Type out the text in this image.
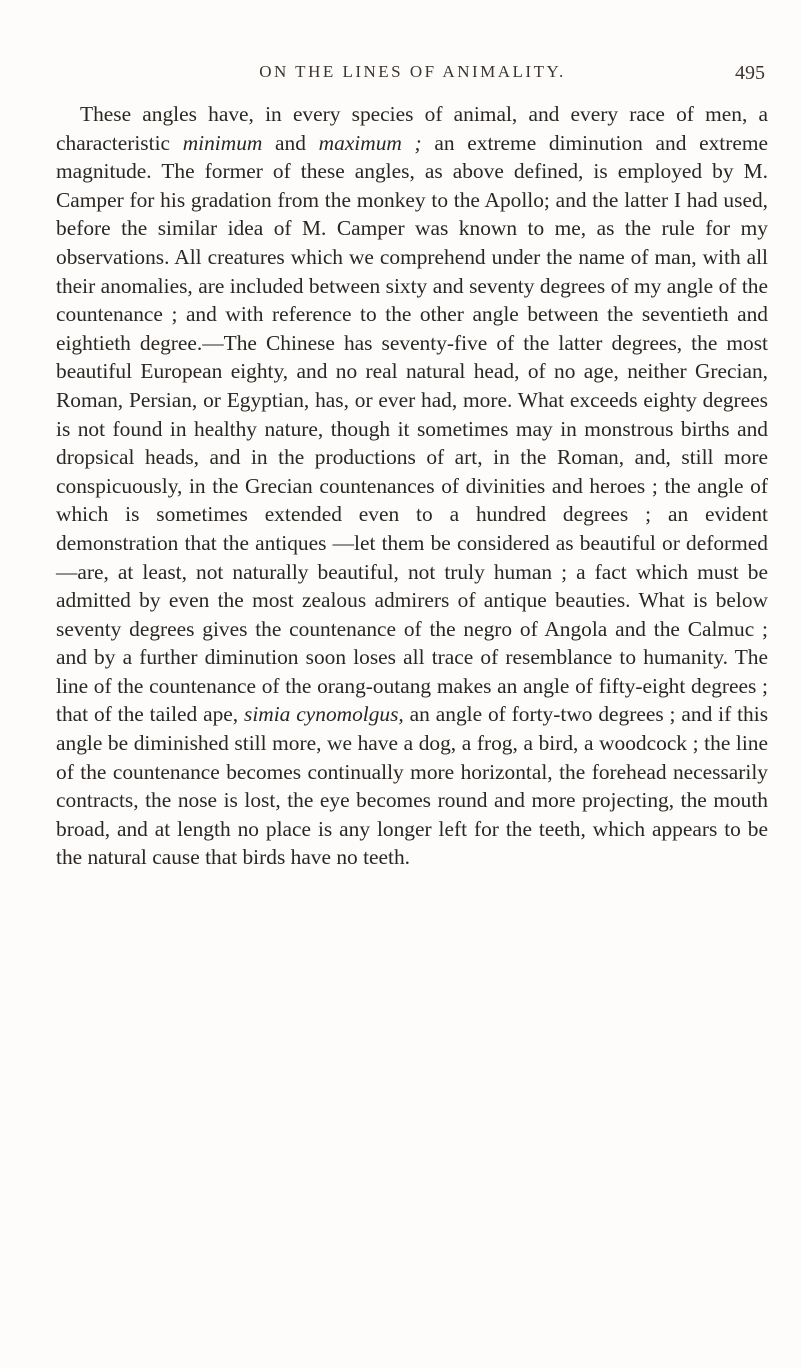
ON THE LINES OF ANIMALITY.	495

These angles have, in every species of animal, and every race of men, a characteristic minimum and maximum ; an extreme diminution and extreme magnitude. The former of these angles, as above defined, is employed by M. Camper for his gradation from the monkey to the Apollo; and the latter I had used, before the similar idea of M. Camper was known to me, as the rule for my observations. All creatures which we comprehend under the name of man, with all their anomalies, are included between sixty and seventy degrees of my angle of the countenance ; and with reference to the other angle between the seventieth and eightieth degree.—The Chinese has seventy-five of the latter degrees, the most beautiful European eighty, and no real natural head, of no age, neither Grecian, Roman, Persian, or Egyptian, has, or ever had, more. What exceeds eighty degrees is not found in healthy nature, though it sometimes may in monstrous births and dropsical heads, and in the productions of art, in the Roman, and, still more conspicuously, in the Grecian countenances of divinities and heroes ; the angle of which is sometimes extended even to a hundred degrees ; an evident demonstration that the antiques —let them be considered as beautiful or deformed—are, at least, not naturally beautiful, not truly human ; a fact which must be admitted by even the most zealous admirers of antique beauties. What is below seventy degrees gives the countenance of the negro of Angola and the Calmuc ; and by a further diminution soon loses all trace of resemblance to humanity. The line of the countenance of the orang-outang makes an angle of fifty-eight degrees ; that of the tailed ape, simia cynomolgus, an angle of forty-two degrees ; and if this angle be diminished still more, we have a dog, a frog, a bird, a woodcock ; the line of the countenance becomes continually more horizontal, the forehead necessarily contracts, the nose is lost, the eye becomes round and more projecting, the mouth broad, and at length no place is any longer left for the teeth, which appears to be the natural cause that birds have no teeth.
